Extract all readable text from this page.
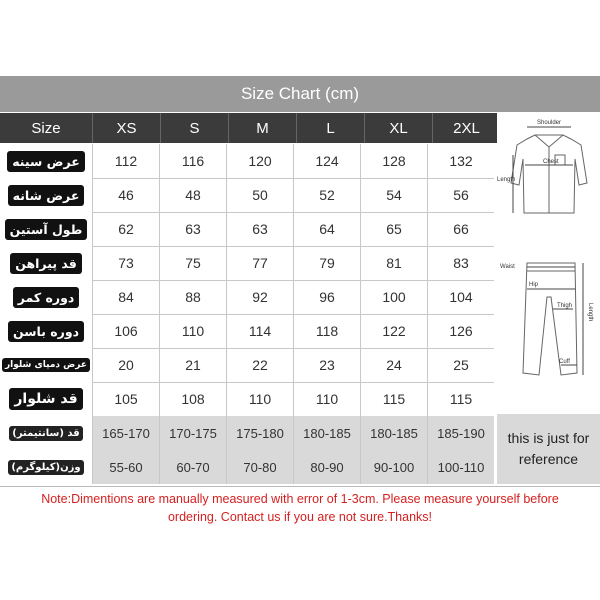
Size Chart (cm)
Size	XS	S	M	L	XL	2XL
عرض سینه	112	116	120	124	128	132
عرض شانه	46	48	50	52	54	56
طول آستین	62	63	63	64	65	66
قد پیراهن	73	75	77	79	81	83
دوره کمر	84	88	92	96	100	104
دوره باسن	106	110	114	118	122	126
عرض دمپای شلوار	20	21	22	23	24	25
قد شلوار	105	108	110	110	115	115
قد (سانتیمتر)	165-170	170-175	175-180	180-185	180-185	185-190
وزن(کیلوگرم)	55-60	60-70	70-80	80-90	90-100	100-110
Shoulder
Chest
Length
Waist
Hip
Thigh
Cuff
Length
this is just for
reference
Note:Dimentions are manually measured with error of 1-3cm. Please measure yourself before
ordering. Contact us if you are not sure.Thanks!
